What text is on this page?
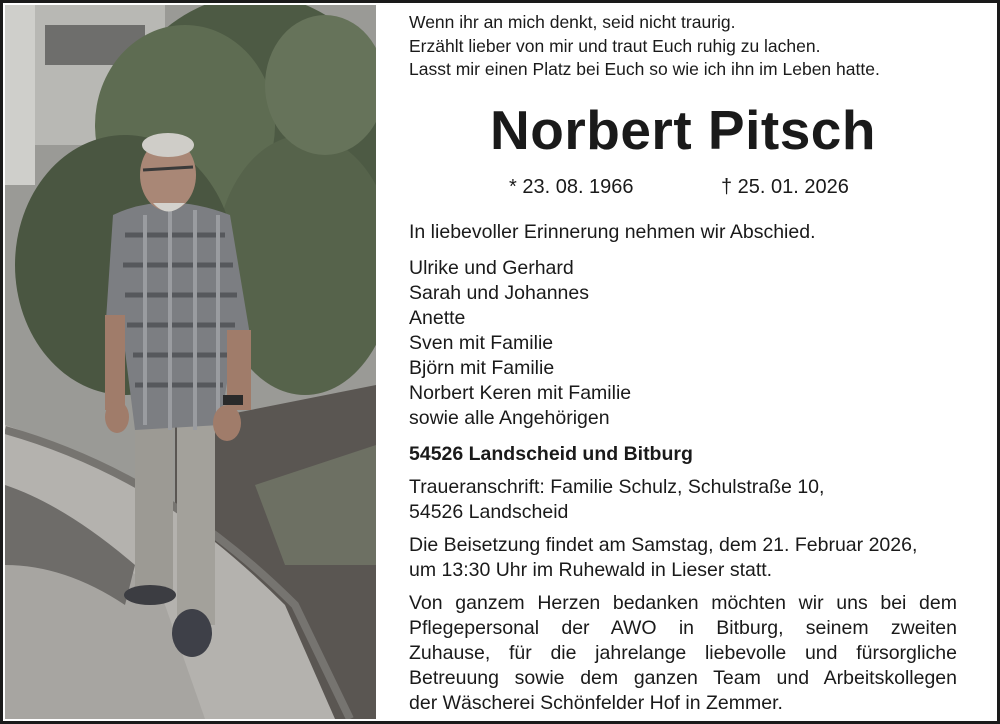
Wenn ihr an mich denkt, seid nicht traurig.
Erzählt lieber von mir und traut Euch ruhig zu lachen.
Lasst mir einen Platz bei Euch so wie ich ihn im Leben hatte.
Norbert Pitsch
* 23. 08. 1966	† 25. 01. 2026
In liebevoller Erinnerung nehmen wir Abschied.
Ulrike und Gerhard
Sarah und Johannes
Anette
Sven mit Familie
Björn mit Familie
Norbert Keren mit Familie
sowie alle Angehörigen
54526 Landscheid und Bitburg
Traueranschrift: Familie Schulz, Schulstraße 10,
54526 Landscheid
Die Beisetzung findet am Samstag, dem 21. Februar 2026,
um 13:30 Uhr im Ruhewald in Lieser statt.
Von ganzem Herzen bedanken möchten wir uns bei dem
Pflegepersonal der AWO in Bitburg, seinem zweiten
Zuhause, für die jahrelange liebevolle und fürsorgliche
Betreuung sowie dem ganzen Team und Arbeitskollegen
der Wäscherei Schönfelder Hof in Zemmer.
